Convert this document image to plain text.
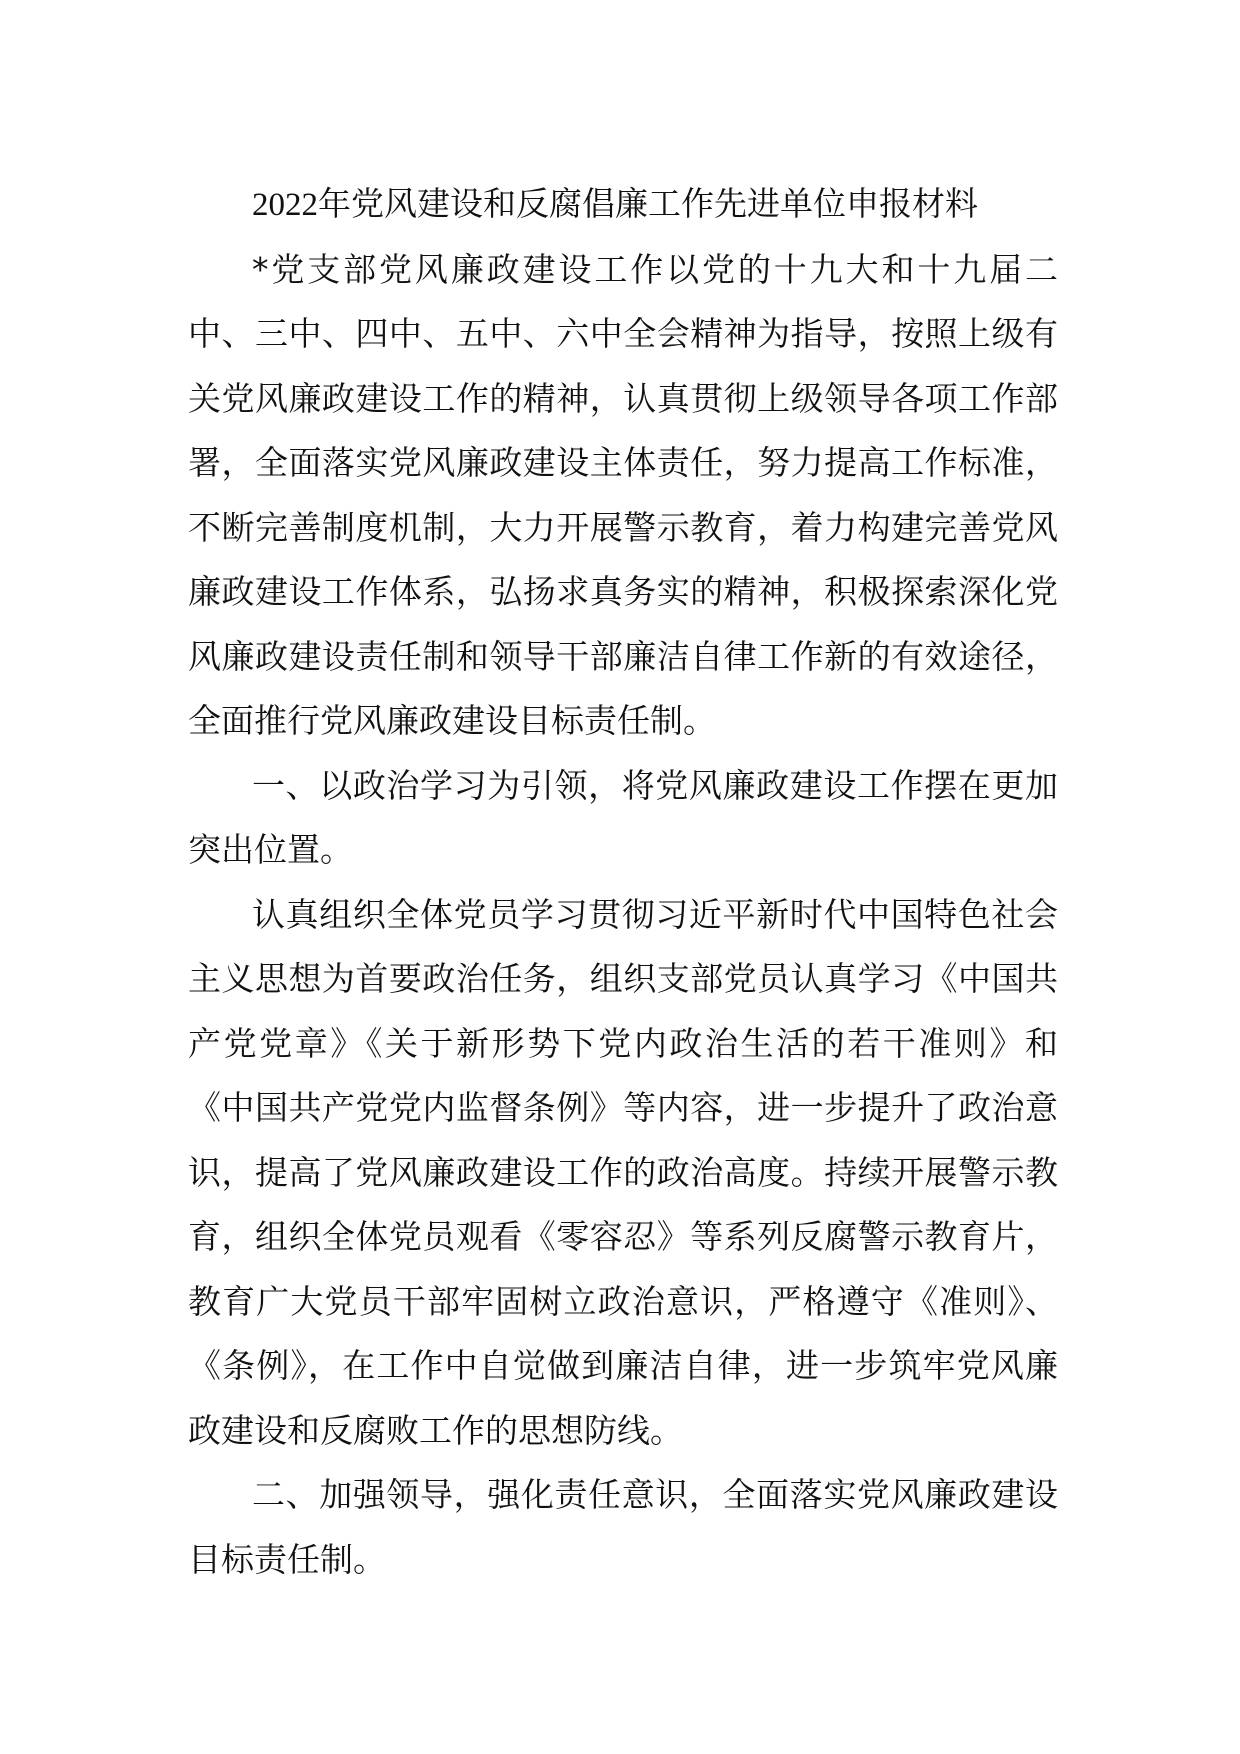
2022年党风建设和反腐倡廉工作先进单位申报材料

*党支部党风廉政建设工作以党的十九大和十九届二中、三中、四中、五中、六中全会精神为指导，按照上级有关党风廉政建设工作的精神，认真贯彻上级领导各项工作部署，全面落实党风廉政建设主体责任，努力提高工作标准，不断完善制度机制，大力开展警示教育，着力构建完善党风廉政建设工作体系，弘扬求真务实的精神，积极探索深化党风廉政建设责任制和领导干部廉洁自律工作新的有效途径，全面推行党风廉政建设目标责任制。

一、以政治学习为引领，将党风廉政建设工作摆在更加突出位置。

认真组织全体党员学习贯彻习近平新时代中国特色社会主义思想为首要政治任务，组织支部党员认真学习《中国共产党党章》《关于新形势下党内政治生活的若干准则》和《中国共产党党内监督条例》等内容，进一步提升了政治意识，提高了党风廉政建设工作的政治高度。持续开展警示教育，组织全体党员观看《零容忍》等系列反腐警示教育片，教育广大党员干部牢固树立政治意识，严格遵守《准则》、《条例》，在工作中自觉做到廉洁自律，进一步筑牢党风廉政建设和反腐败工作的思想防线。

二、加强领导，强化责任意识，全面落实党风廉政建设目标责任制。
